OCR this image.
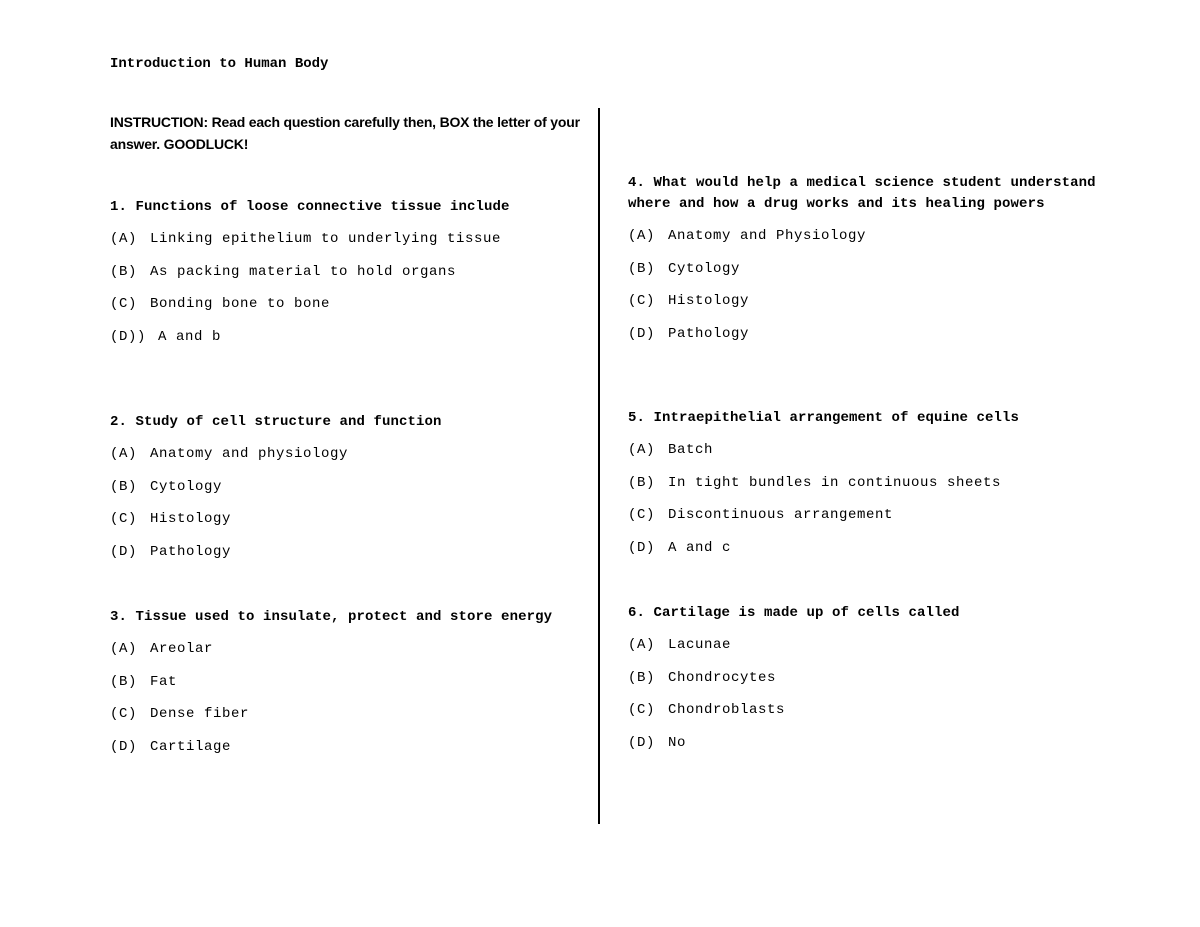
Introduction to Human Body
INSTRUCTION: Read each question carefully then, BOX the letter of your answer. GOODLUCK!
1. Functions of loose connective tissue include
(A) Linking epithelium to underlying tissue
(B) As packing material to hold organs
(C) Bonding bone to bone
(D)) A and b
2. Study of cell structure and function
(A) Anatomy and physiology
(B) Cytology
(C) Histology
(D) Pathology
3. Tissue used to insulate, protect and store energy
(A) Areolar
(B) Fat
(C) Dense fiber
(D) Cartilage
4. What would help a medical science student understand where and how a drug works and its healing powers
(A) Anatomy and Physiology
(B) Cytology
(C) Histology
(D) Pathology
5. Intraepithelial arrangement of equine cells
(A) Batch
(B) In tight bundles in continuous sheets
(C) Discontinuous arrangement
(D) A and c
6. Cartilage is made up of cells called
(A) Lacunae
(B) Chondrocytes
(C) Chondroblasts
(D) No
